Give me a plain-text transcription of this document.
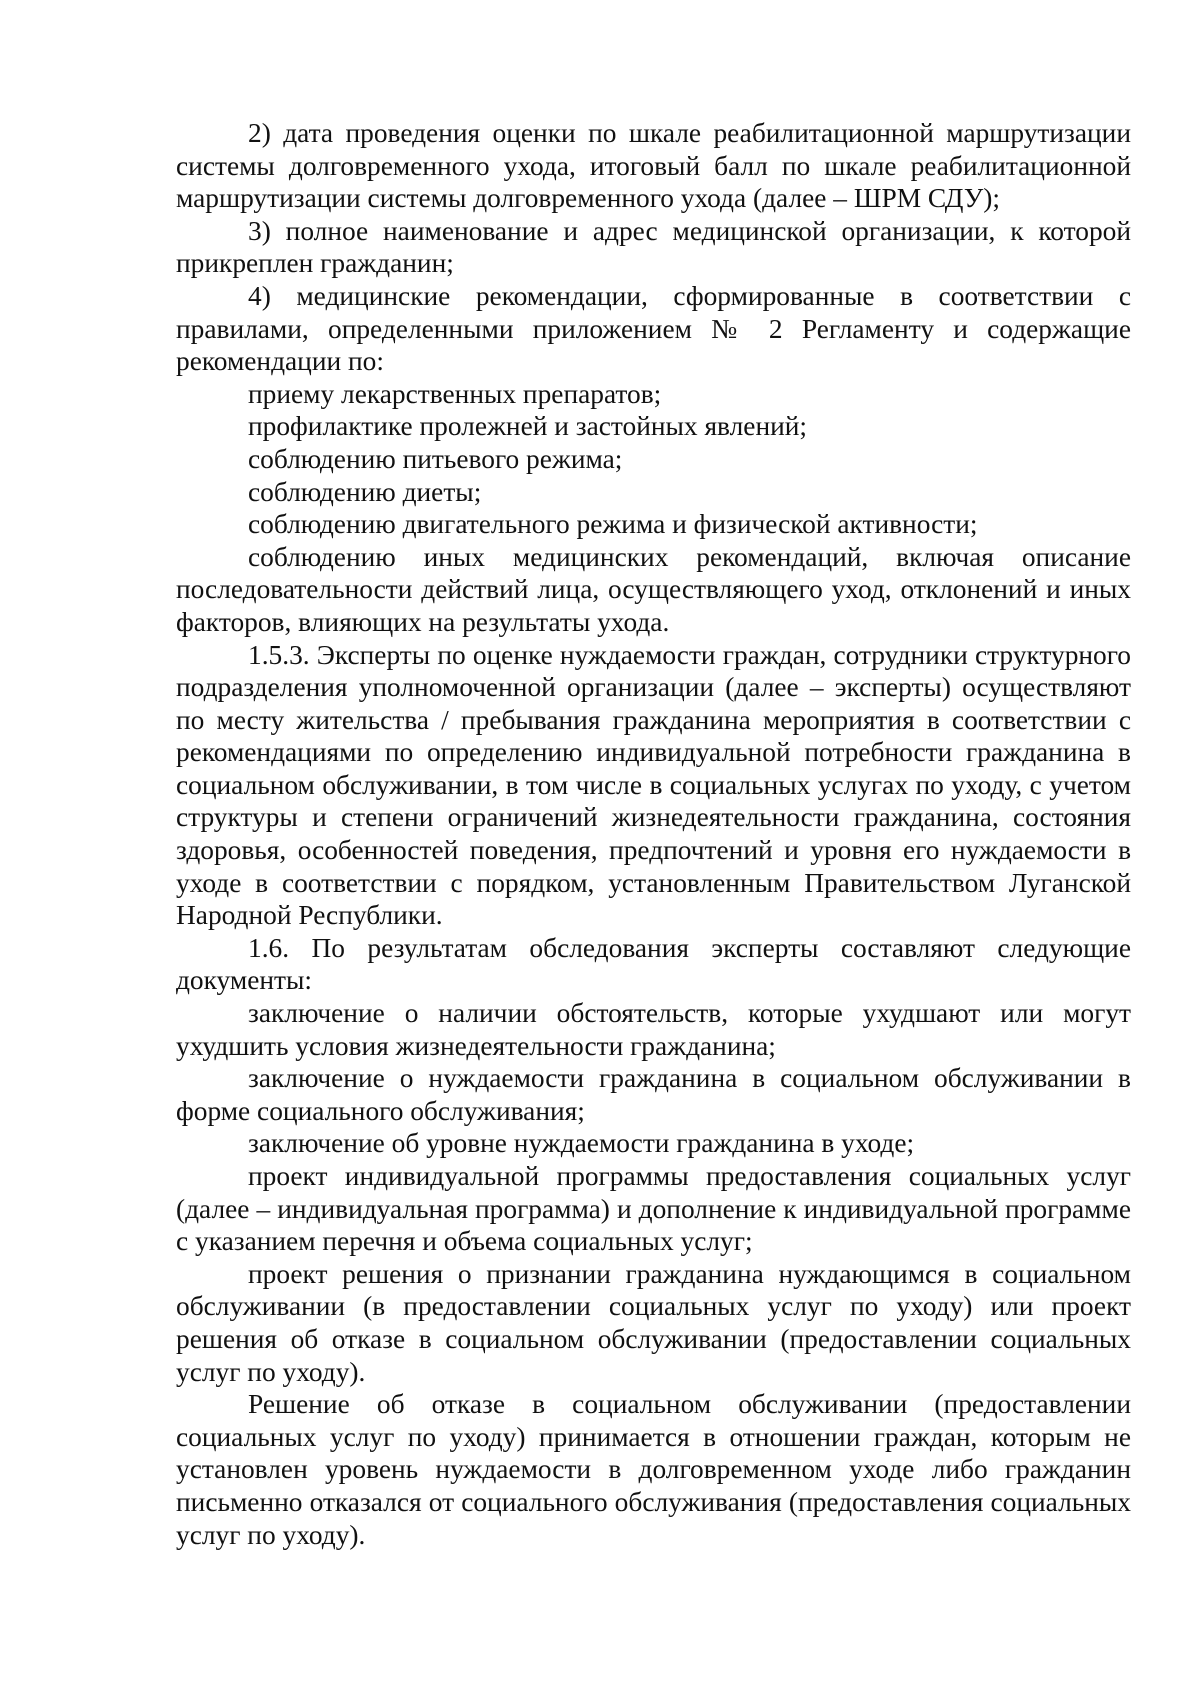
2) дата проведения оценки по шкале реабилитационной маршрутизации системы долговременного ухода, итоговый балл по шкале реабилитационной маршрутизации системы долговременного ухода (далее – ШРМ СДУ);

3) полное наименование и адрес медицинской организации, к которой прикреплен гражданин;

4) медицинские рекомендации, сформированные в соответствии с правилами, определенными приложением № 2 Регламенту и содержащие рекомендации по:

приему лекарственных препаратов;

профилактике пролежней и застойных явлений;

соблюдению питьевого режима;

соблюдению диеты;

соблюдению двигательного режима и физической активности;

соблюдению иных медицинских рекомендаций, включая описание последовательности действий лица, осуществляющего уход, отклонений и иных факторов, влияющих на результаты ухода.

1.5.3. Эксперты по оценке нуждаемости граждан, сотрудники структурного подразделения уполномоченной организации (далее – эксперты) осуществляют по месту жительства / пребывания гражданина мероприятия в соответствии с рекомендациями по определению индивидуальной потребности гражданина в социальном обслуживании, в том числе в социальных услугах по уходу, с учетом структуры и степени ограничений жизнедеятельности гражданина, состояния здоровья, особенностей поведения, предпочтений и уровня его нуждаемости в уходе в соответствии с порядком, установленным Правительством Луганской Народной Республики.

1.6. По результатам обследования эксперты составляют следующие документы:

заключение о наличии обстоятельств, которые ухудшают или могут ухудшить условия жизнедеятельности гражданина;

заключение о нуждаемости гражданина в социальном обслуживании в форме социального обслуживания;

заключение об уровне нуждаемости гражданина в уходе;

проект индивидуальной программы предоставления социальных услуг (далее – индивидуальная программа) и дополнение к индивидуальной программе с указанием перечня и объема социальных услуг;

проект решения о признании гражданина нуждающимся в социальном обслуживании (в предоставлении социальных услуг по уходу) или проект решения об отказе в социальном обслуживании (предоставлении социальных услуг по уходу).

Решение об отказе в социальном обслуживании (предоставлении социальных услуг по уходу) принимается в отношении граждан, которым не установлен уровень нуждаемости в долговременном уходе либо гражданин письменно отказался от социального обслуживания (предоставления социальных услуг по уходу).
